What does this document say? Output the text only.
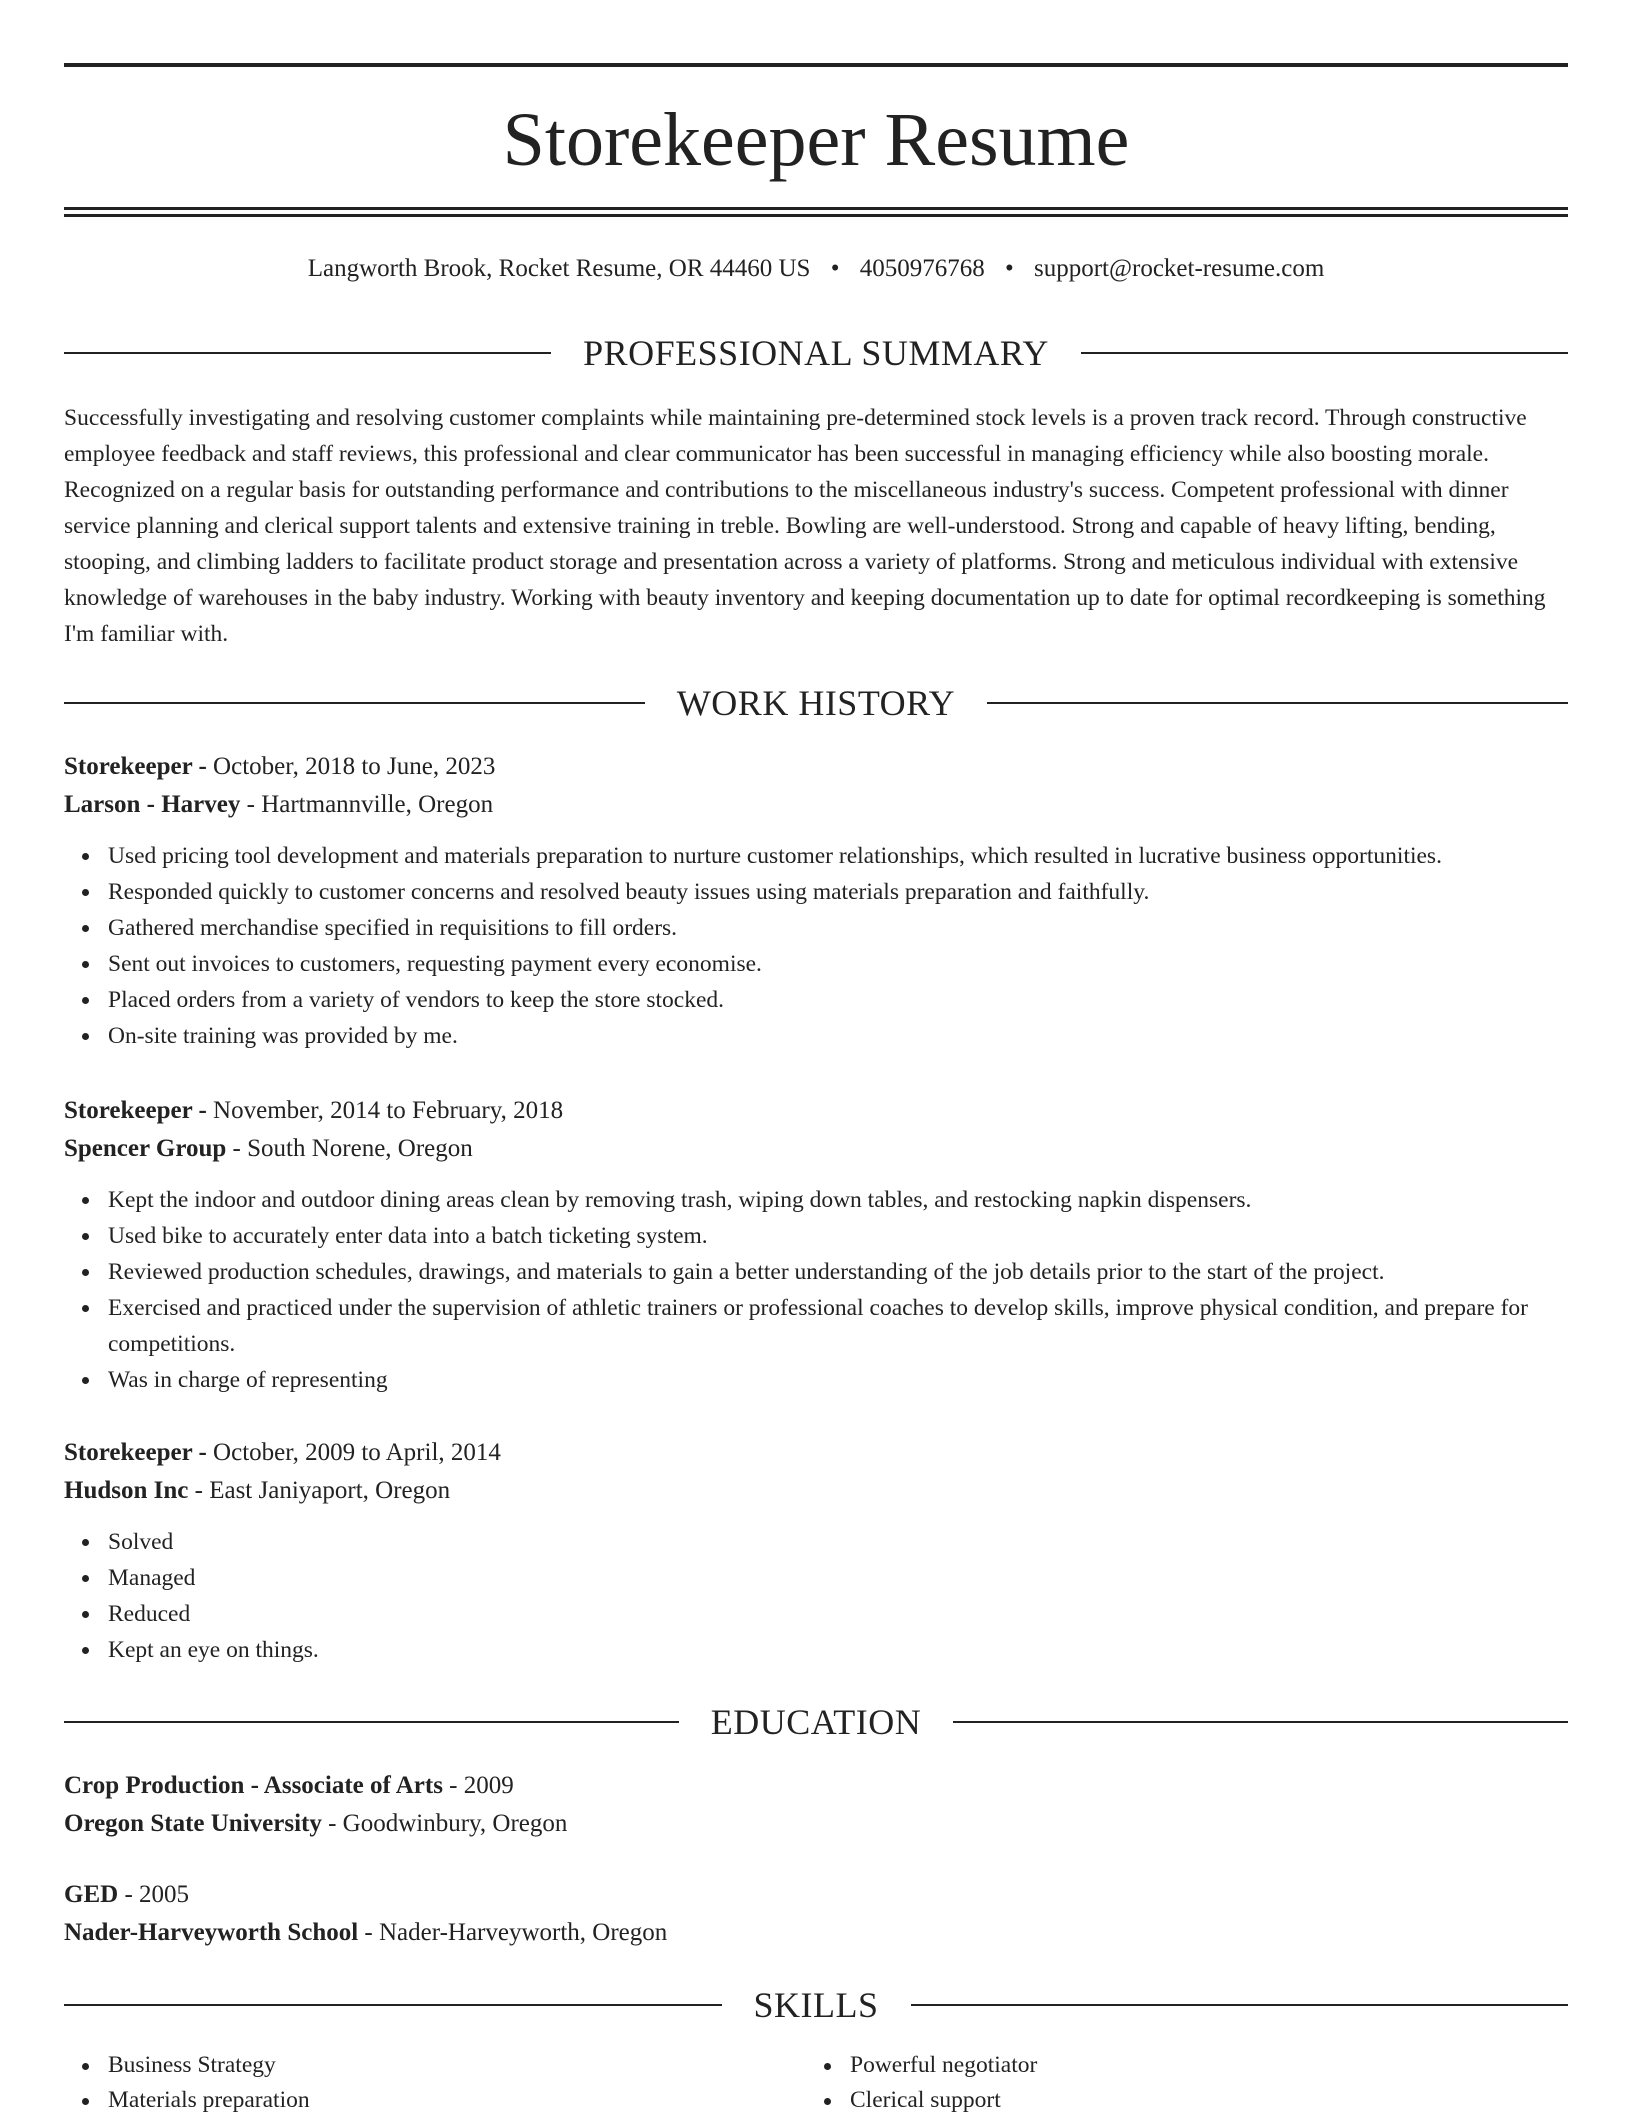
Storekeeper Resume
Langworth Brook, Rocket Resume, OR 44460 US • 4050976768 • support@rocket-resume.com
PROFESSIONAL SUMMARY

Successfully investigating and resolving customer complaints while maintaining pre-determined stock levels is a proven track record. Through constructive employee feedback and staff reviews, this professional and clear communicator has been successful in managing efficiency while also boosting morale. Recognized on a regular basis for outstanding performance and contributions to the miscellaneous industry's success. Competent professional with dinner service planning and clerical support talents and extensive training in treble. Bowling are well-understood. Strong and capable of heavy lifting, bending, stooping, and climbing ladders to facilitate product storage and presentation across a variety of platforms. Strong and meticulous individual with extensive knowledge of warehouses in the baby industry. Working with beauty inventory and keeping documentation up to date for optimal recordkeeping is something I'm familiar with.

WORK HISTORY
Storekeeper - October, 2018 to June, 2023
Larson - Harvey - Hartmannville, Oregon
Used pricing tool development and materials preparation to nurture customer relationships, which resulted in lucrative business opportunities.
Responded quickly to customer concerns and resolved beauty issues using materials preparation and faithfully.
Gathered merchandise specified in requisitions to fill orders.
Sent out invoices to customers, requesting payment every economise.
Placed orders from a variety of vendors to keep the store stocked.
On-site training was provided by me.
Storekeeper - November, 2014 to February, 2018
Spencer Group - South Norene, Oregon
Kept the indoor and outdoor dining areas clean by removing trash, wiping down tables, and restocking napkin dispensers.
Used bike to accurately enter data into a batch ticketing system.
Reviewed production schedules, drawings, and materials to gain a better understanding of the job details prior to the start of the project.
Exercised and practiced under the supervision of athletic trainers or professional coaches to develop skills, improve physical condition, and prepare for competitions.
Was in charge of representing
Storekeeper - October, 2009 to April, 2014
Hudson Inc - East Janiyaport, Oregon
Solved
Managed
Reduced
Kept an eye on things.
EDUCATION
Crop Production - Associate of Arts - 2009
Oregon State University - Goodwinbury, Oregon
GED - 2005
Nader-Harveyworth School - Nader-Harveyworth, Oregon
SKILLS
Business Strategy
Materials preparation
Powerful negotiator
Clerical support
